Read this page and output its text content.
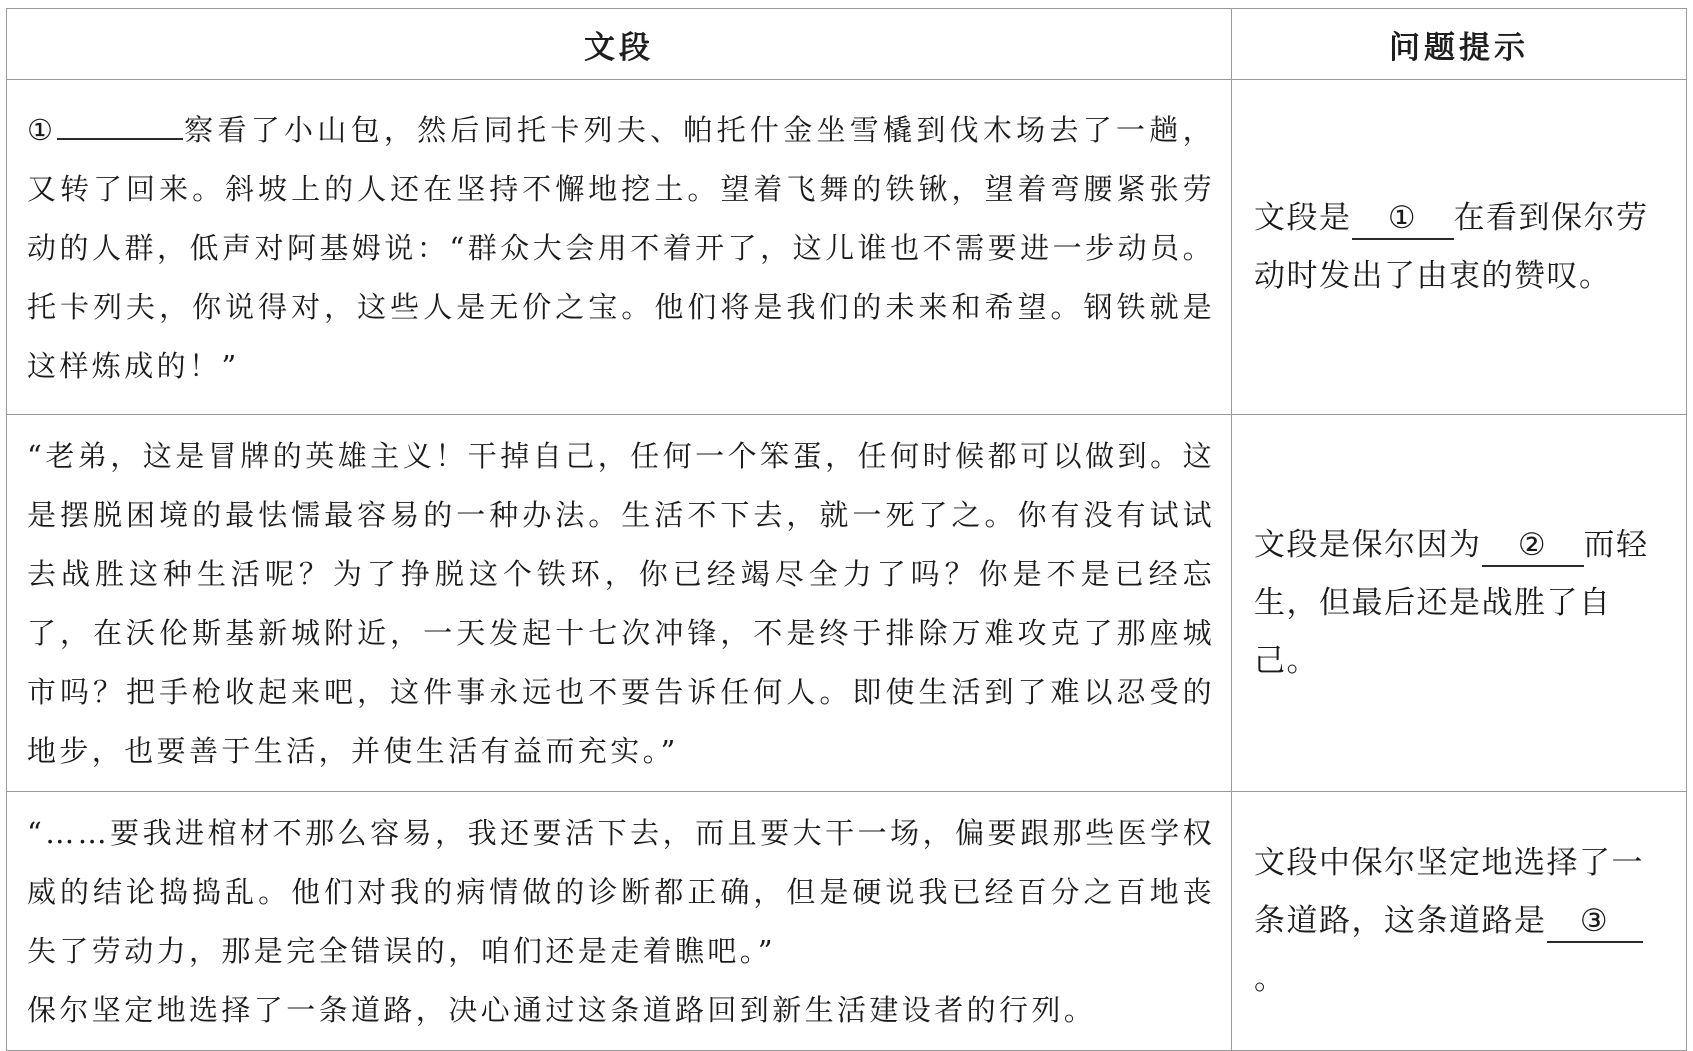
文段	问题提示

① 察看了小山包，然后同托卡列夫、帕托什金坐雪橇到伐木场去了一趟，又转了回来。斜坡上的人还在坚持不懈地挖土。望着飞舞的铁锹，望着弯腰紧张劳动的人群，低声对阿基姆说：“群众大会用不着开了，这儿谁也不需要进一步动员。托卡列夫，你说得对，这些人是无价之宝。他们将是我们的未来和希望。钢铁就是这样炼成的！”	文段是 ① 在看到保尔劳动时发出了由衷的赞叹。

“老弟，这是冒牌的英雄主义！干掉自己，任何一个笨蛋，任何时候都可以做到。这是摆脱困境的最怯懦最容易的一种办法。生活不下去，就一死了之。你有没有试试去战胜这种生活呢？为了挣脱这个铁环，你已经竭尽全力了吗？你是不是已经忘了，在沃伦斯基新城附近，一天发起十七次冲锋，不是终于排除万难攻克了那座城市吗？把手枪收起来吧，这件事永远也不要告诉任何人。即使生活到了难以忍受的地步，也要善于生活，并使生活有益而充实。”	文段是保尔因为 ② 而轻生，但最后还是战胜了自己。

“……要我进棺材不那么容易，我还要活下去，而且要大干一场，偏要跟那些医学权威的结论捣捣乱。他们对我的病情做的诊断都正确，但是硬说我已经百分之百地丧失了劳动力，那是完全错误的，咱们还是走着瞧吧。”

保尔坚定地选择了一条道路，决心通过这条道路回到新生活建设者的行列。	文段中保尔坚定地选择了一条道路，这条道路是 ③。
